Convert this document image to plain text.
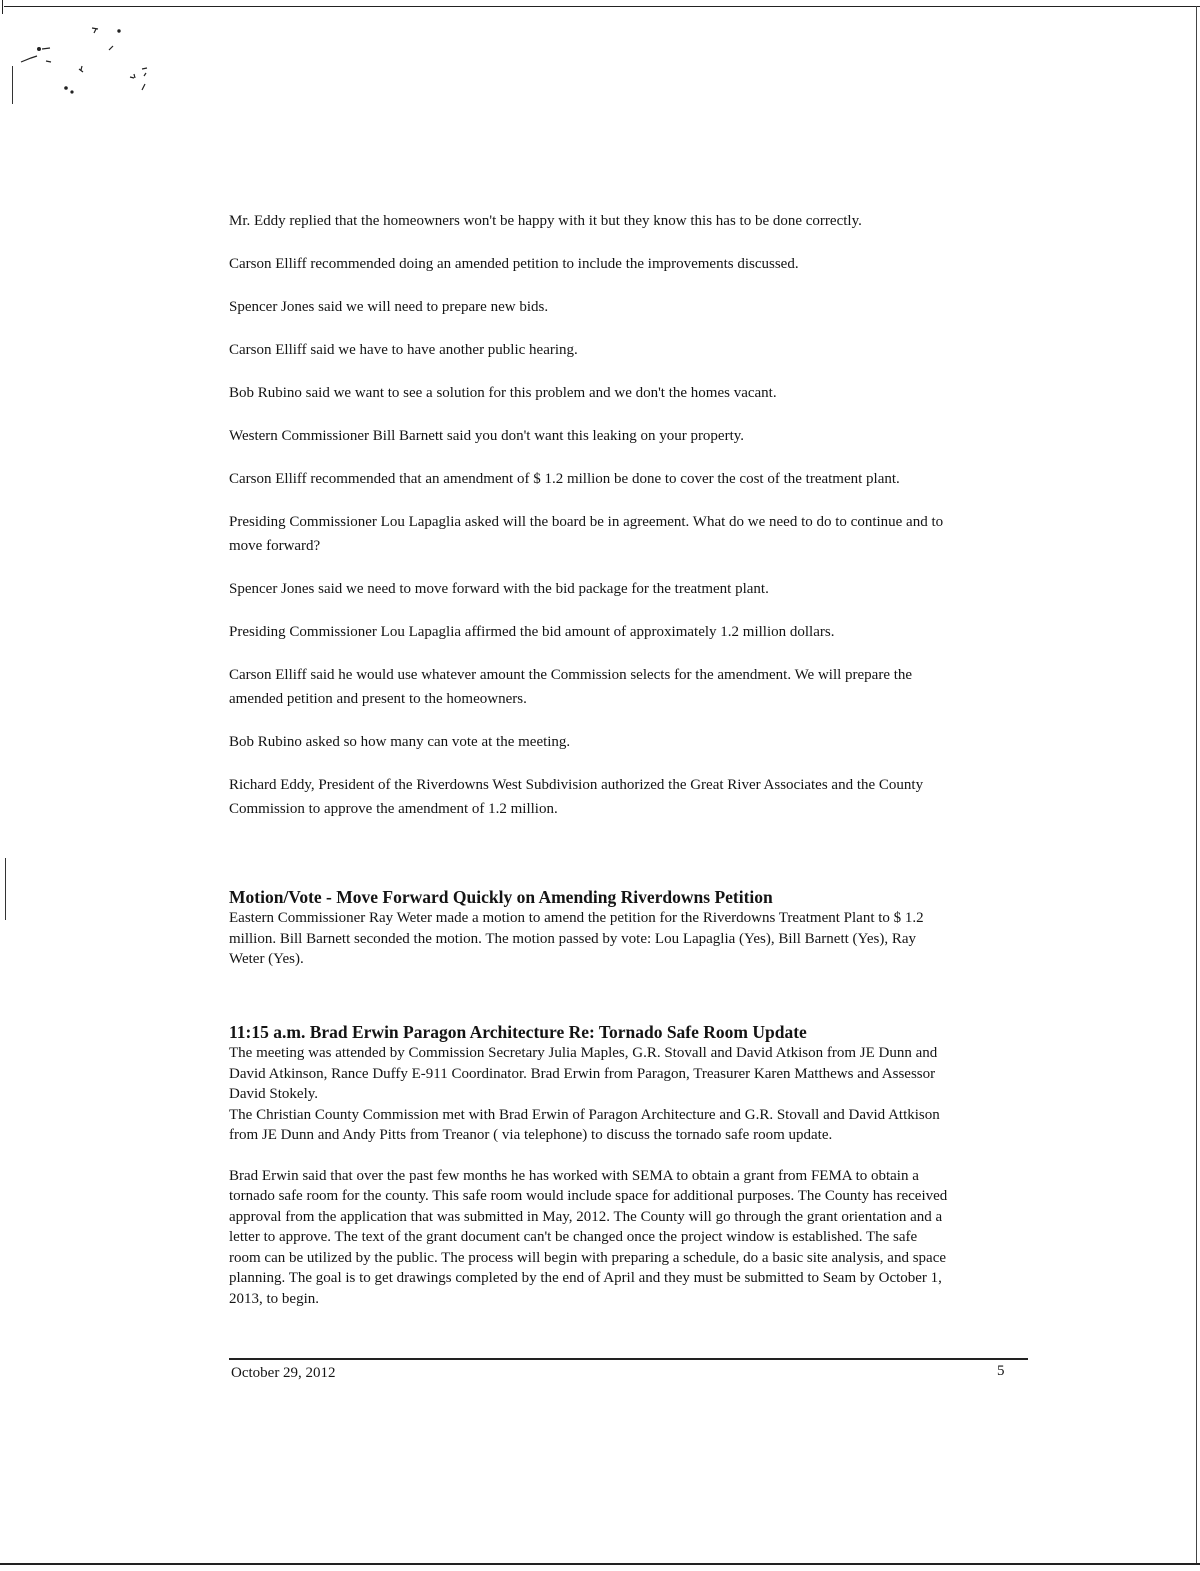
Mr. Eddy replied that the homeowners won't be happy with it but they know this has to be done correctly.

Carson Elliff recommended doing an amended petition to include the improvements discussed.

Spencer Jones said we will need to prepare new bids.

Carson Elliff said we have to have another public hearing.

Bob Rubino said we want to see a solution for this problem and we don't the homes vacant.

Western Commissioner Bill Barnett said you don't want this leaking on your property.

Carson Elliff recommended that an amendment of $ 1.2 million be done to cover the cost of the treatment plant.

Presiding Commissioner Lou Lapaglia asked will the board be in agreement. What do we need to do to continue and to move forward?

Spencer Jones said we need to move forward with the bid package for the treatment plant.

Presiding Commissioner Lou Lapaglia affirmed the bid amount of approximately 1.2 million dollars.

Carson Elliff said he would use whatever amount the Commission selects for the amendment. We will prepare the amended petition and present to the homeowners.

Bob Rubino asked so how many can vote at the meeting.

Richard Eddy, President of the Riverdowns West Subdivision authorized the Great River Associates and the County Commission to approve the amendment of 1.2 million.

Motion/Vote - Move Forward Quickly on Amending Riverdowns Petition

Eastern Commissioner Ray Weter made a motion to amend the petition for the Riverdowns Treatment Plant to $ 1.2 million. Bill Barnett seconded the motion. The motion passed by vote: Lou Lapaglia (Yes), Bill Barnett (Yes), Ray Weter (Yes).

11:15 a.m. Brad Erwin Paragon Architecture Re: Tornado Safe Room Update

The meeting was attended by Commission Secretary Julia Maples, G.R. Stovall and David Atkison from JE Dunn and David Atkinson, Rance Duffy E-911 Coordinator. Brad Erwin from Paragon, Treasurer Karen Matthews and Assessor David Stokely.

The Christian County Commission met with Brad Erwin of Paragon Architecture and G.R. Stovall and David Attkison from JE Dunn and Andy Pitts from Treanor ( via telephone) to discuss the tornado safe room update.

Brad Erwin said that over the past few months he has worked with SEMA to obtain a grant from FEMA to obtain a tornado safe room for the county. This safe room would include space for additional purposes. The County has received approval from the application that was submitted in May, 2012. The County will go through the grant orientation and a letter to approve. The text of the grant document can't be changed once the project window is established. The safe room can be utilized by the public. The process will begin with preparing a schedule, do a basic site analysis, and space planning. The goal is to get drawings completed by the end of April and they must be submitted to Seam by October 1, 2013, to begin.

October 29, 2012	5
